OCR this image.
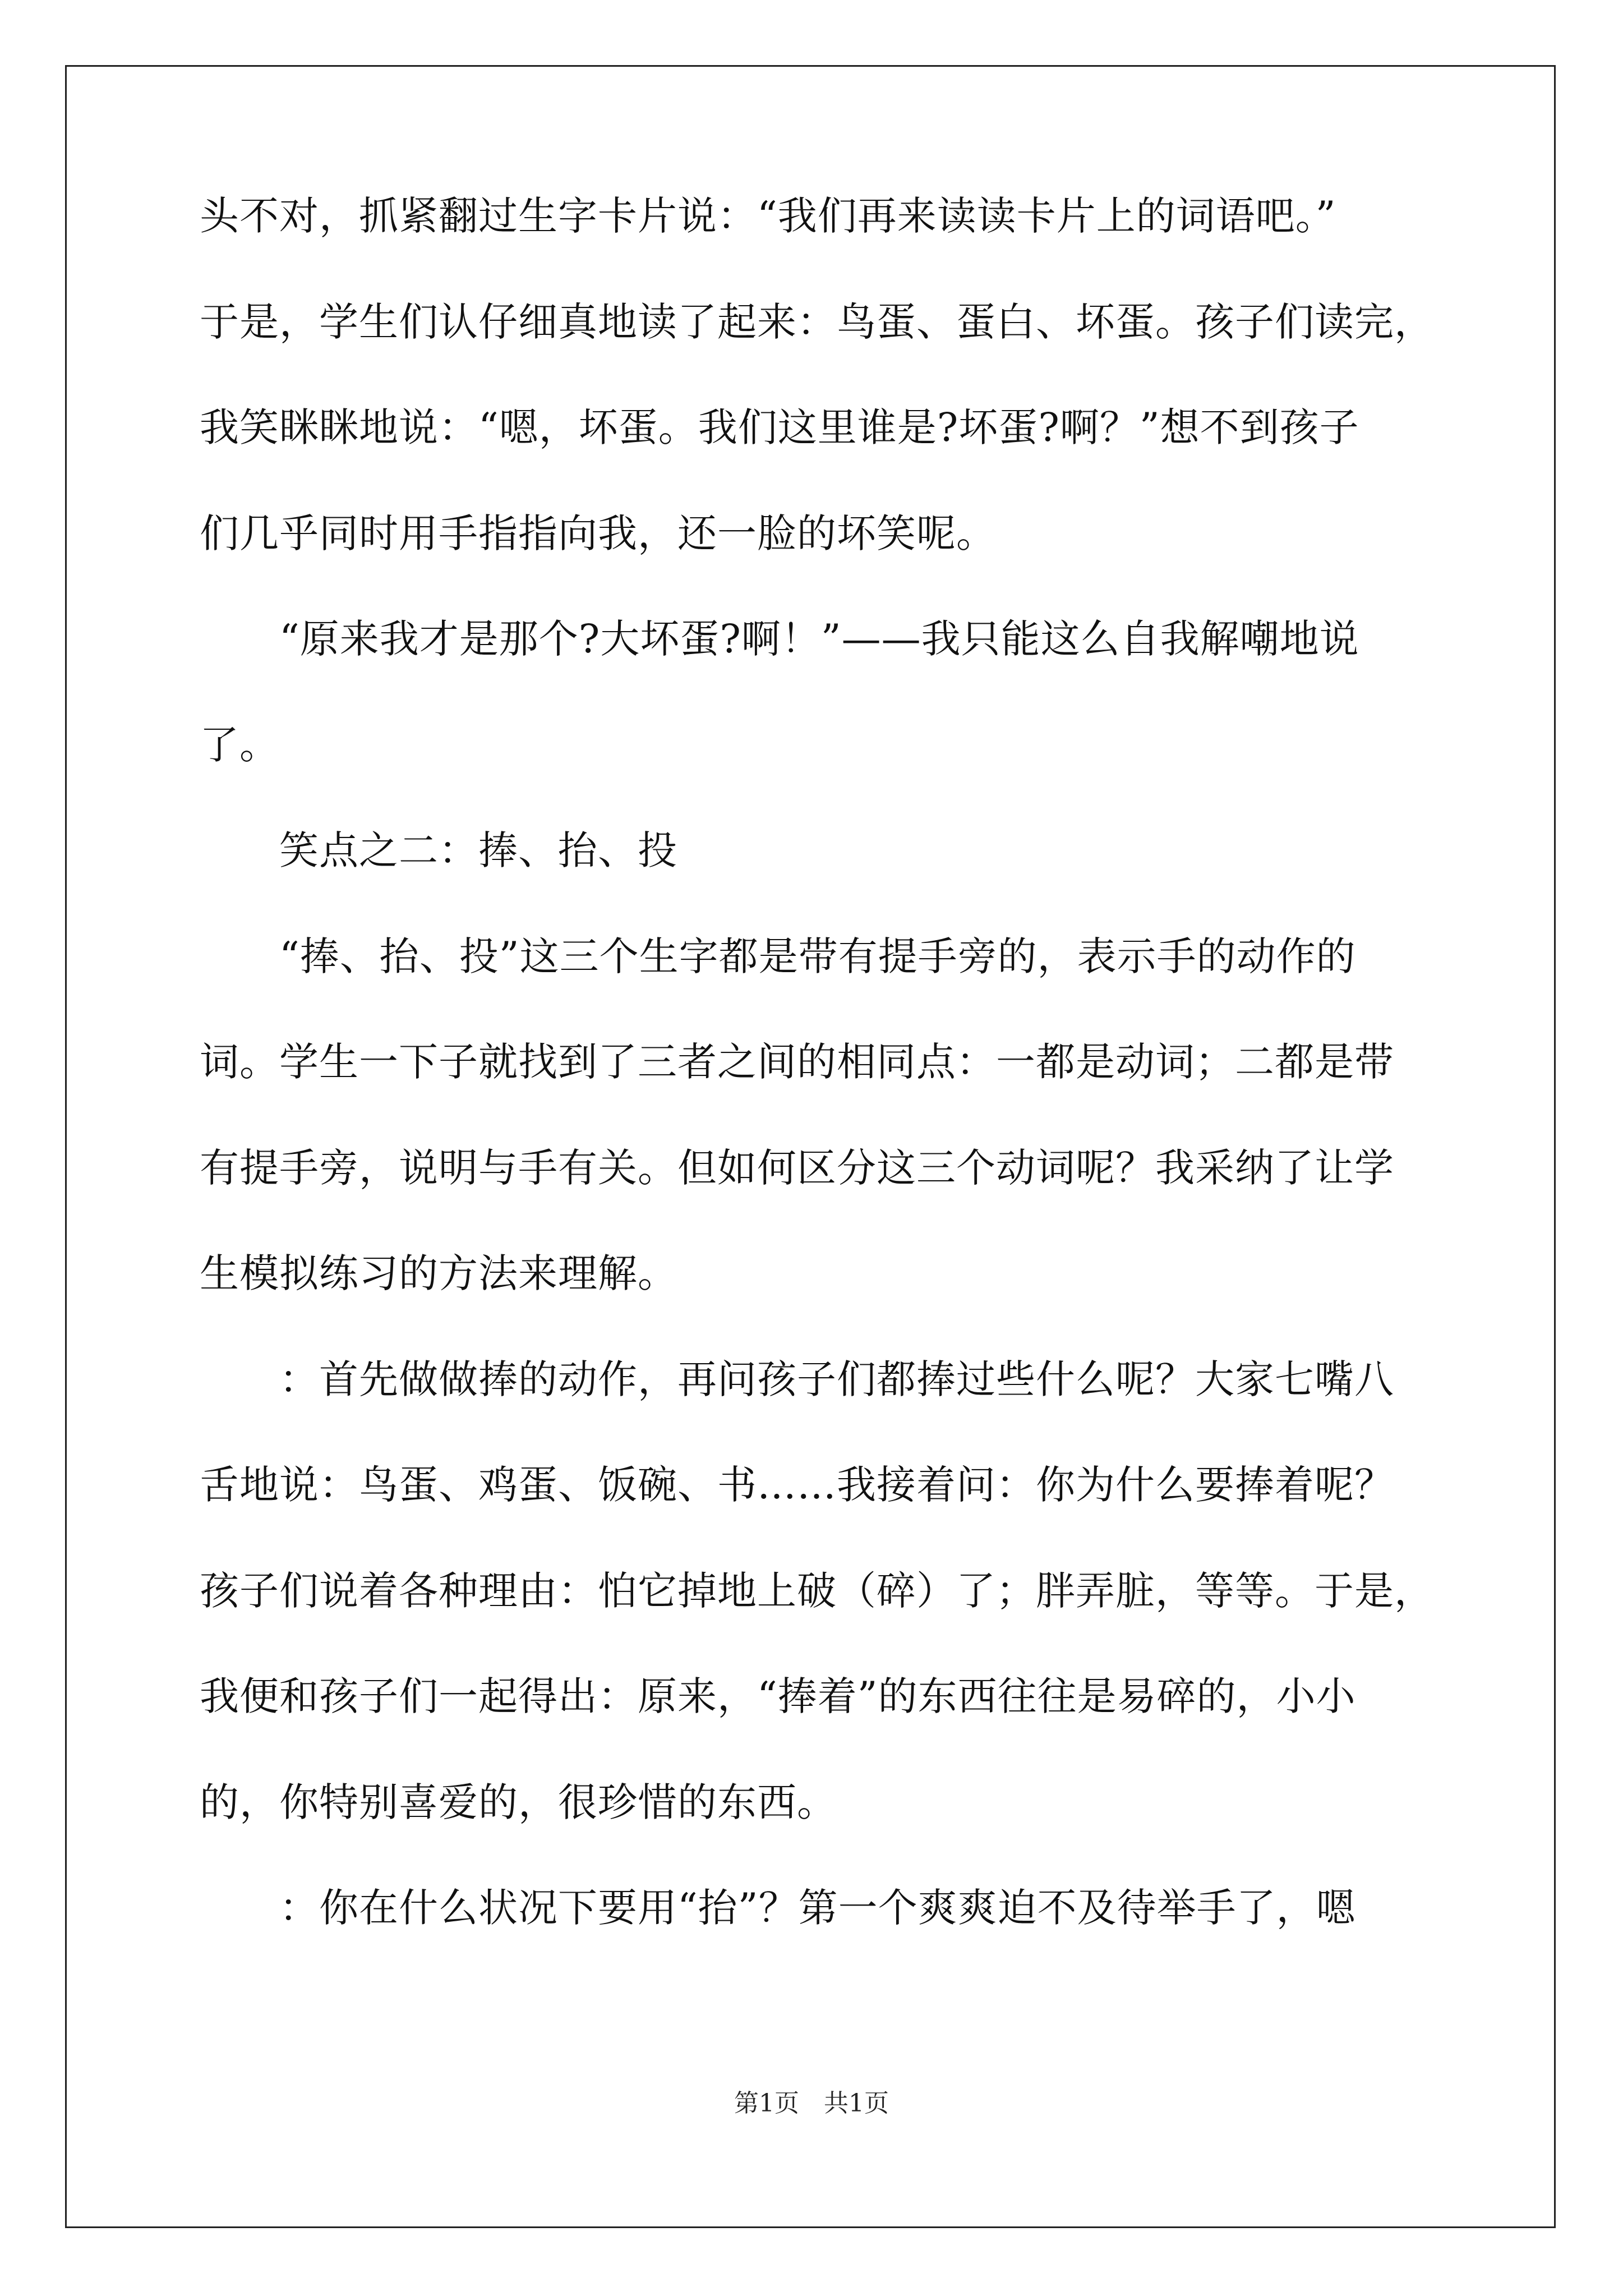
头不对，抓紧翻过生字卡片说：“我们再来读读卡片上的词语吧。”
于是，学生们认仔细真地读了起来：鸟蛋、蛋白、坏蛋。孩子们读完，
我笑眯眯地说：“嗯，坏蛋。我们这里谁是?坏蛋?啊？”想不到孩子
们几乎同时用手指指向我，还一脸的坏笑呢。
　　“原来我才是那个?大坏蛋?啊！”——我只能这么自我解嘲地说
了。
　　笑点之二：捧、抬、投
　　“捧、抬、投”这三个生字都是带有提手旁的，表示手的动作的
词。学生一下子就找到了三者之间的相同点：一都是动词；二都是带
有提手旁，说明与手有关。但如何区分这三个动词呢？我采纳了让学
生模拟练习的方法来理解。
　　：首先做做捧的动作，再问孩子们都捧过些什么呢？大家七嘴八
舌地说：鸟蛋、鸡蛋、饭碗、书……我接着问：你为什么要捧着呢？
孩子们说着各种理由：怕它掉地上破（碎）了；胖弄脏，等等。于是，
我便和孩子们一起得出：原来，“捧着”的东西往往是易碎的，小小
的，你特别喜爱的，很珍惜的东西。
　　：你在什么状况下要用“抬”？第一个爽爽迫不及待举手了，嗯
第1页　共1页
